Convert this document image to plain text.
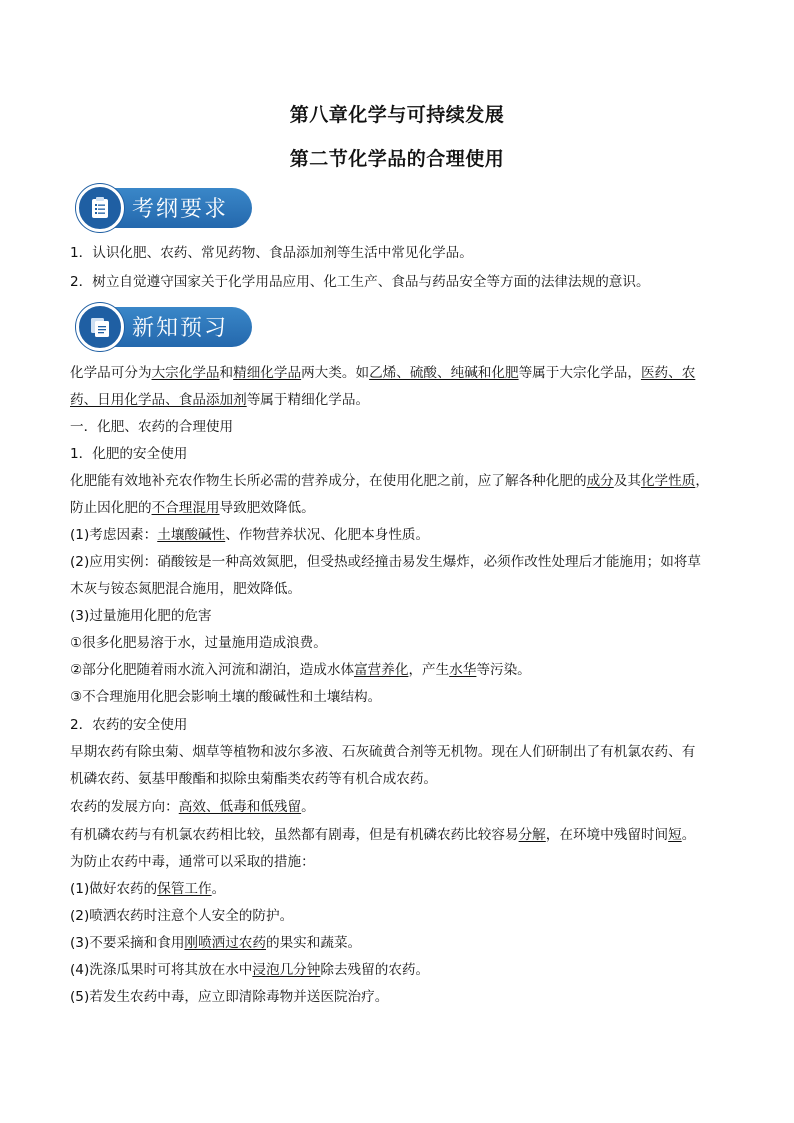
第八章化学与可持续发展
第二节化学品的合理使用
考纲要求
1．认识化肥、农药、常见药物、食品添加剂等生活中常见化学品。
2．树立自觉遵守国家关于化学用品应用、化工生产、食品与药品安全等方面的法律法规的意识。
新知预习
化学品可分为大宗化学品和精细化学品两大类。如乙烯、硫酸、纯碱和化肥等属于大宗化学品，医药、农
药、日用化学品、食品添加剂等属于精细化学品。
一．化肥、农药的合理使用
1．化肥的安全使用
化肥能有效地补充农作物生长所必需的营养成分，在使用化肥之前，应了解各种化肥的成分及其化学性质，
防止因化肥的不合理混用导致肥效降低。
(1)考虑因素：土壤酸碱性、作物营养状况、化肥本身性质。
(2)应用实例：硝酸铵是一种高效氮肥，但受热或经撞击易发生爆炸，必须作改性处理后才能施用；如将草
木灰与铵态氮肥混合施用，肥效降低。
(3)过量施用化肥的危害
①很多化肥易溶于水，过量施用造成浪费。
②部分化肥随着雨水流入河流和湖泊，造成水体富营养化，产生水华等污染。
③不合理施用化肥会影响土壤的酸碱性和土壤结构。
2．农药的安全使用
早期农药有除虫菊、烟草等植物和波尔多液、石灰硫黄合剂等无机物。现在人们研制出了有机氯农药、有
机磷农药、氨基甲酸酯和拟除虫菊酯类农药等有机合成农药。
农药的发展方向：高效、低毒和低残留。
有机磷农药与有机氯农药相比较，虽然都有剧毒，但是有机磷农药比较容易分解，在环境中残留时间短。
为防止农药中毒，通常可以采取的措施：
(1)做好农药的保管工作。
(2)喷洒农药时注意个人安全的防护。
(3)不要采摘和食用刚喷洒过农药的果实和蔬菜。
(4)洗涤瓜果时可将其放在水中浸泡几分钟除去残留的农药。
(5)若发生农药中毒，应立即清除毒物并送医院治疗。
